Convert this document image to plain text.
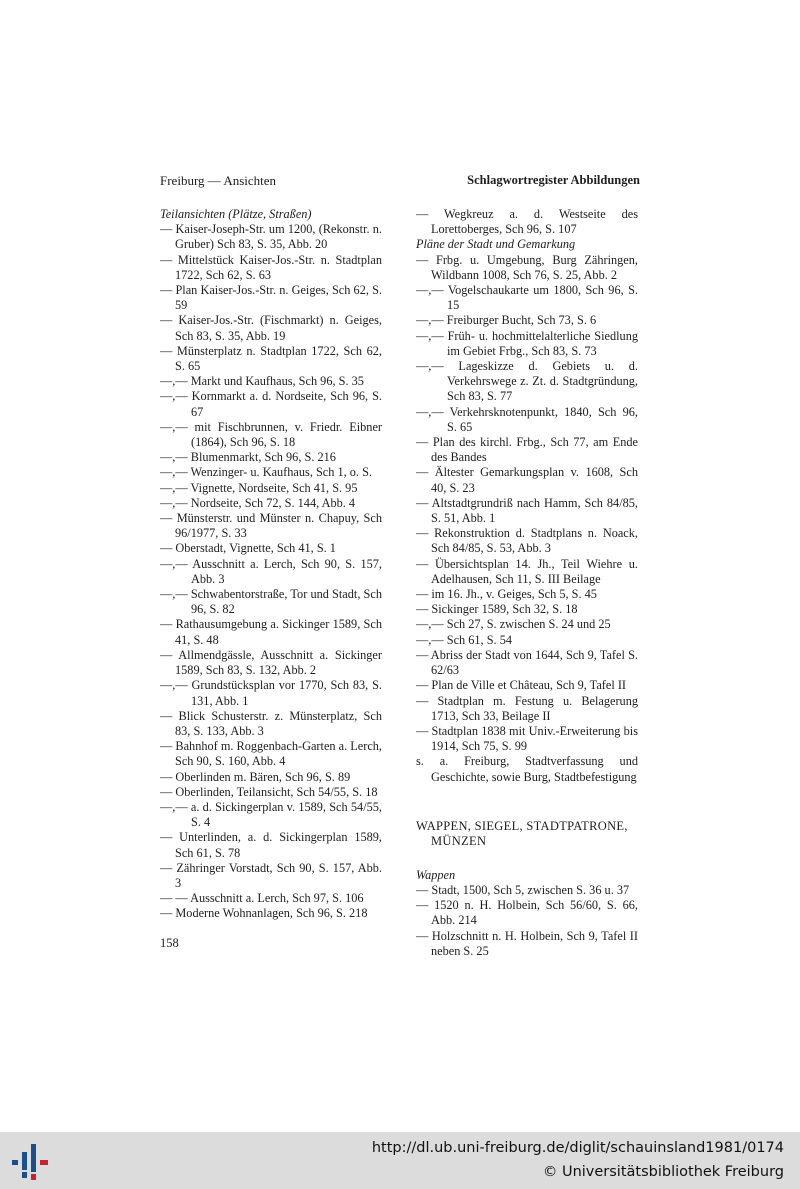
Freiburg — Ansichten	Schlagwortregister Abbildungen
Teilansichten (Plätze, Straßen)
— Kaiser-Joseph-Str. um 1200, (Rekonstr. n. Gruber) Sch 83, S. 35, Abb. 20
— Mittelstück Kaiser-Jos.-Str. n. Stadtplan 1722, Sch 62, S. 63
— Plan Kaiser-Jos.-Str. n. Geiges, Sch 62, S. 59
— Kaiser-Jos.-Str. (Fischmarkt) n. Geiges, Sch 83, S. 35, Abb. 19
— Münsterplatz n. Stadtplan 1722, Sch 62, S. 65
—,— Markt und Kaufhaus, Sch 96, S. 35
—,— Kornmarkt a. d. Nordseite, Sch 96, S. 67
—,— mit Fischbrunnen, v. Friedr. Eibner (1864), Sch 96, S. 18
—,— Blumenmarkt, Sch 96, S. 216
—,— Wenzinger- u. Kaufhaus, Sch 1, o. S.
—,— Vignette, Nordseite, Sch 41, S. 95
—,— Nordseite, Sch 72, S. 144, Abb. 4
— Münsterstr. und Münster n. Chapuy, Sch 96/1977, S. 33
— Oberstadt, Vignette, Sch 41, S. 1
—,— Ausschnitt a. Lerch, Sch 90, S. 157, Abb. 3
—,— Schwabentorstraße, Tor und Stadt, Sch 96, S. 82
— Rathausumgebung a. Sickinger 1589, Sch 41, S. 48
— Allmendgässle, Ausschnitt a. Sickinger 1589, Sch 83, S. 132, Abb. 2
—,— Grundstücksplan vor 1770, Sch 83, S. 131, Abb. 1
— Blick Schusterstr. z. Münsterplatz, Sch 83, S. 133, Abb. 3
— Bahnhof m. Roggenbach-Garten a. Lerch, Sch 90, S. 160, Abb. 4
— Oberlinden m. Bären, Sch 96, S. 89
— Oberlinden, Teilansicht, Sch 54/55, S. 18
—,— a. d. Sickingerplan v. 1589, Sch 54/55, S. 4
— Unterlinden, a. d. Sickingerplan 1589, Sch 61, S. 78
— Zähringer Vorstadt, Sch 90, S. 157, Abb. 3
— — Ausschnitt a. Lerch, Sch 97, S. 106
— Moderne Wohnanlagen, Sch 96, S. 218
— Wegkreuz a. d. Westseite des Lorettoberges, Sch 96, S. 107
Pläne der Stadt und Gemarkung
— Frbg. u. Umgebung, Burg Zähringen, Wildbann 1008, Sch 76, S. 25, Abb. 2
—,— Vogelschaukarte um 1800, Sch 96, S. 15
—,— Freiburger Bucht, Sch 73, S. 6
—,— Früh- u. hochmittelalterliche Siedlung im Gebiet Frbg., Sch 83, S. 73
—,— Lageskizze d. Gebiets u. d. Verkehrswege z. Zt. d. Stadtgründung, Sch 83, S. 77
—,— Verkehrsknotenpunkt, 1840, Sch 96, S. 65
— Plan des kirchl. Frbg., Sch 77, am Ende des Bandes
— Ältester Gemarkungsplan v. 1608, Sch 40, S. 23
— Altstadtgrundriß nach Hamm, Sch 84/85, S. 51, Abb. 1
— Rekonstruktion d. Stadtplans n. Noack, Sch 84/85, S. 53, Abb. 3
— Übersichtsplan 14. Jh., Teil Wiehre u. Adelhausen, Sch 11, S. III Beilage
— im 16. Jh., v. Geiges, Sch 5, S. 45
— Sickinger 1589, Sch 32, S. 18
—,— Sch 27, S. zwischen S. 24 und 25
—,— Sch 61, S. 54
— Abriss der Stadt von 1644, Sch 9, Tafel S. 62/63
— Plan de Ville et Château, Sch 9, Tafel II
— Stadtplan m. Festung u. Belagerung 1713, Sch 33, Beilage II
— Stadtplan 1838 mit Univ.-Erweiterung bis 1914, Sch 75, S. 99
s. a. Freiburg, Stadtverfassung und Geschichte, sowie Burg, Stadtbefestigung
WAPPEN, SIEGEL, STADTPATRONE, MÜNZEN
Wappen
— Stadt, 1500, Sch 5, zwischen S. 36 u. 37
— 1520 n. H. Holbein, Sch 56/60, S. 66, Abb. 214
— Holzschnitt n. H. Holbein, Sch 9, Tafel II neben S. 25
158
http://dl.ub.uni-freiburg.de/diglit/schauinsland1981/0174
© Universitätsbibliothek Freiburg
